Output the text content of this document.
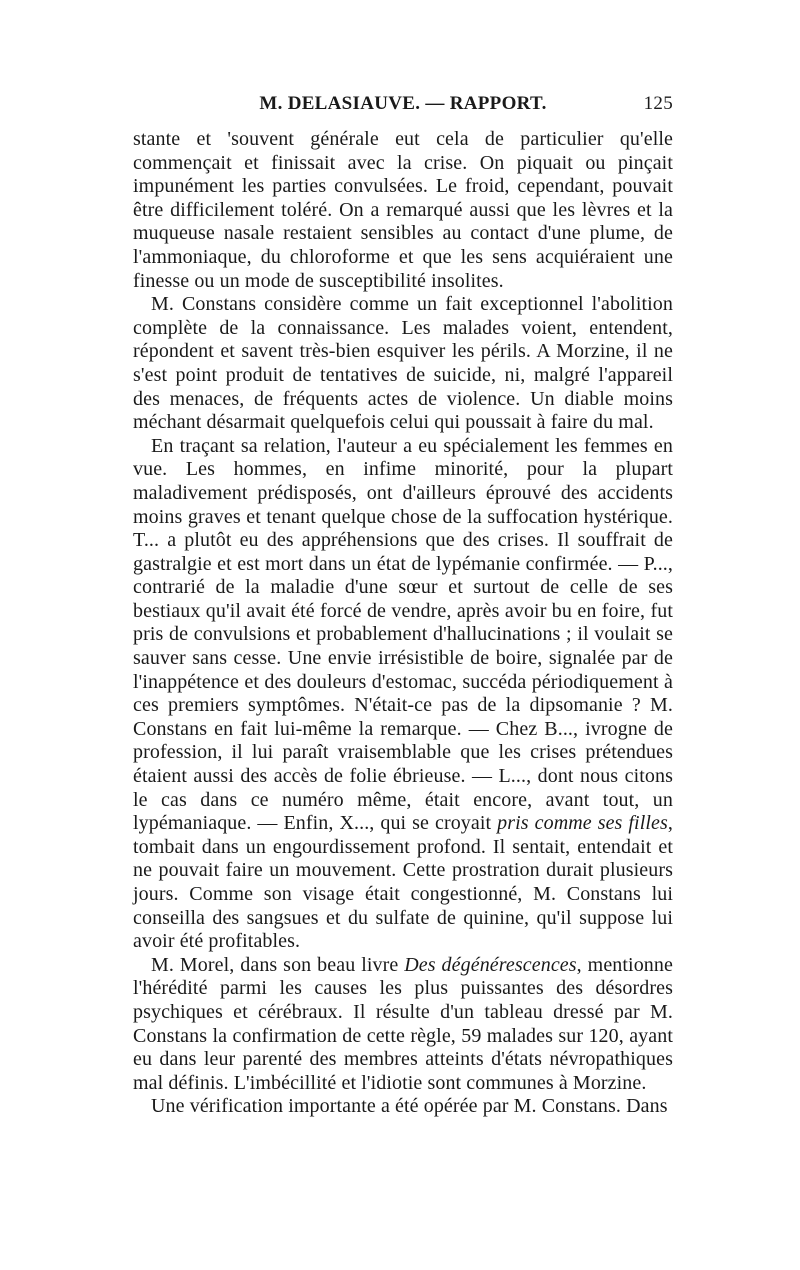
M. DELASIAUVE. — RAPPORT.	125

stante et 'souvent générale eut cela de particulier qu'elle commençait et finissait avec la crise. On piquait ou pinçait impunément les parties convulsées. Le froid, cependant, pouvait être difficilement toléré. On a remarqué aussi que les lèvres et la muqueuse nasale restaient sensibles au contact d'une plume, de l'ammoniaque, du chloroforme et que les sens acquiéraient une finesse ou un mode de susceptibilité insolites.

M. Constans considère comme un fait exceptionnel l'abolition complète de la connaissance. Les malades voient, entendent, répondent et savent très-bien esquiver les périls. A Morzine, il ne s'est point produit de tentatives de suicide, ni, malgré l'appareil des menaces, de fréquents actes de violence. Un diable moins méchant désarmait quelquefois celui qui poussait à faire du mal.

En traçant sa relation, l'auteur a eu spécialement les femmes en vue. Les hommes, en infime minorité, pour la plupart maladivement prédisposés, ont d'ailleurs éprouvé des accidents moins graves et tenant quelque chose de la suffocation hystérique. T... a plutôt eu des appréhensions que des crises. Il souffrait de gastralgie et est mort dans un état de lypémanie confirmée. — P..., contrarié de la maladie d'une sœur et surtout de celle de ses bestiaux qu'il avait été forcé de vendre, après avoir bu en foire, fut pris de convulsions et probablement d'hallucinations ; il voulait se sauver sans cesse. Une envie irrésistible de boire, signalée par de l'inappétence et des douleurs d'estomac, succéda périodiquement à ces premiers symptômes. N'était-ce pas de la dipsomanie ? M. Constans en fait lui-même la remarque. — Chez B..., ivrogne de profession, il lui paraît vraisemblable que les crises prétendues étaient aussi des accès de folie ébrieuse. — L..., dont nous citons le cas dans ce numéro même, était encore, avant tout, un lypémaniaque. — Enfin, X..., qui se croyait pris comme ses filles, tombait dans un engourdissement profond. Il sentait, entendait et ne pouvait faire un mouvement. Cette prostration durait plusieurs jours. Comme son visage était congestionné, M. Constans lui conseilla des sangsues et du sulfate de quinine, qu'il suppose lui avoir été profitables.

M. Morel, dans son beau livre Des dégénérescences, mentionne l'hérédité parmi les causes les plus puissantes des désordres psychiques et cérébraux. Il résulte d'un tableau dressé par M. Constans la confirmation de cette règle, 59 malades sur 120, ayant eu dans leur parenté des membres atteints d'états névropathiques mal définis. L'imbécillité et l'idiotie sont communes à Morzine.

Une vérification importante a été opérée par M. Constans. Dans
